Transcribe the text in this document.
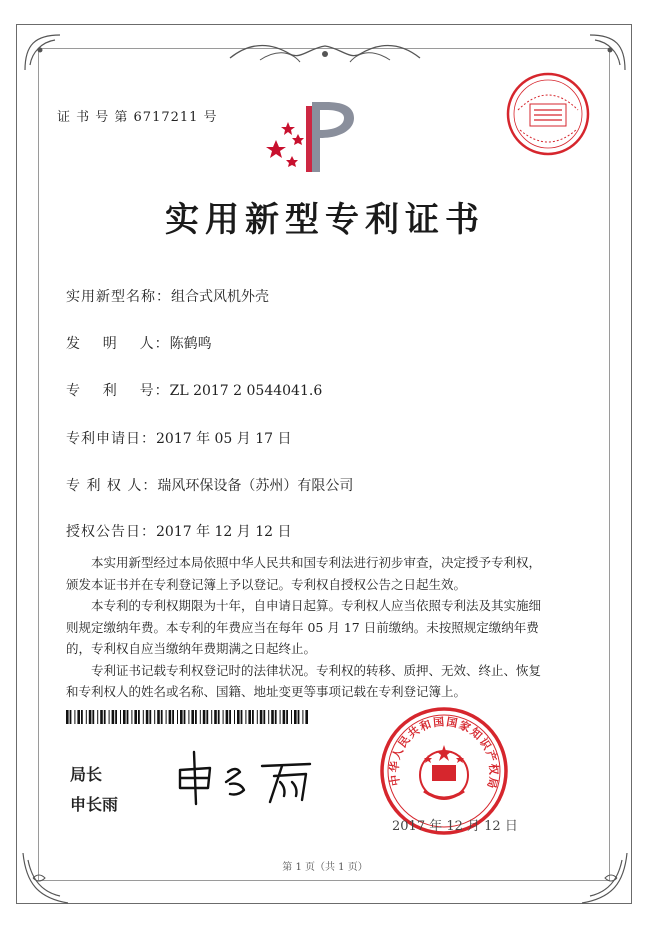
证 书 号 第 6717211 号
实用新型专利证书
实用新型名称：组合式风机外壳
发    明    人：陈鹤鸣
专    利    号：ZL 2017 2 0544041.6
专利申请日：2017 年 05 月 17 日
专 利 权 人：瑞风环保设备（苏州）有限公司
授权公告日：2017 年 12 月 12 日

本实用新型经过本局依照中华人民共和国专利法进行初步审查，决定授予专利权，颁发本证书并在专利登记簿上予以登记。专利权自授权公告之日起生效。

本专利的专利权期限为十年，自申请日起算。专利权人应当依照专利法及其实施细则规定缴纳年费。本专利的年费应当在每年 05 月 17 日前缴纳。未按照规定缴纳年费的，专利权自应当缴纳年费期满之日起终止。

专利证书记载专利权登记时的法律状况。专利权的转移、质押、无效、终止、恢复和专利权人的姓名或名称、国籍、地址变更等事项记载在专利登记簿上。

局长
申长雨
中华人民共和国国家知识产权局
2017 年 12 月 12 日
第 1 页（共 1 页）
